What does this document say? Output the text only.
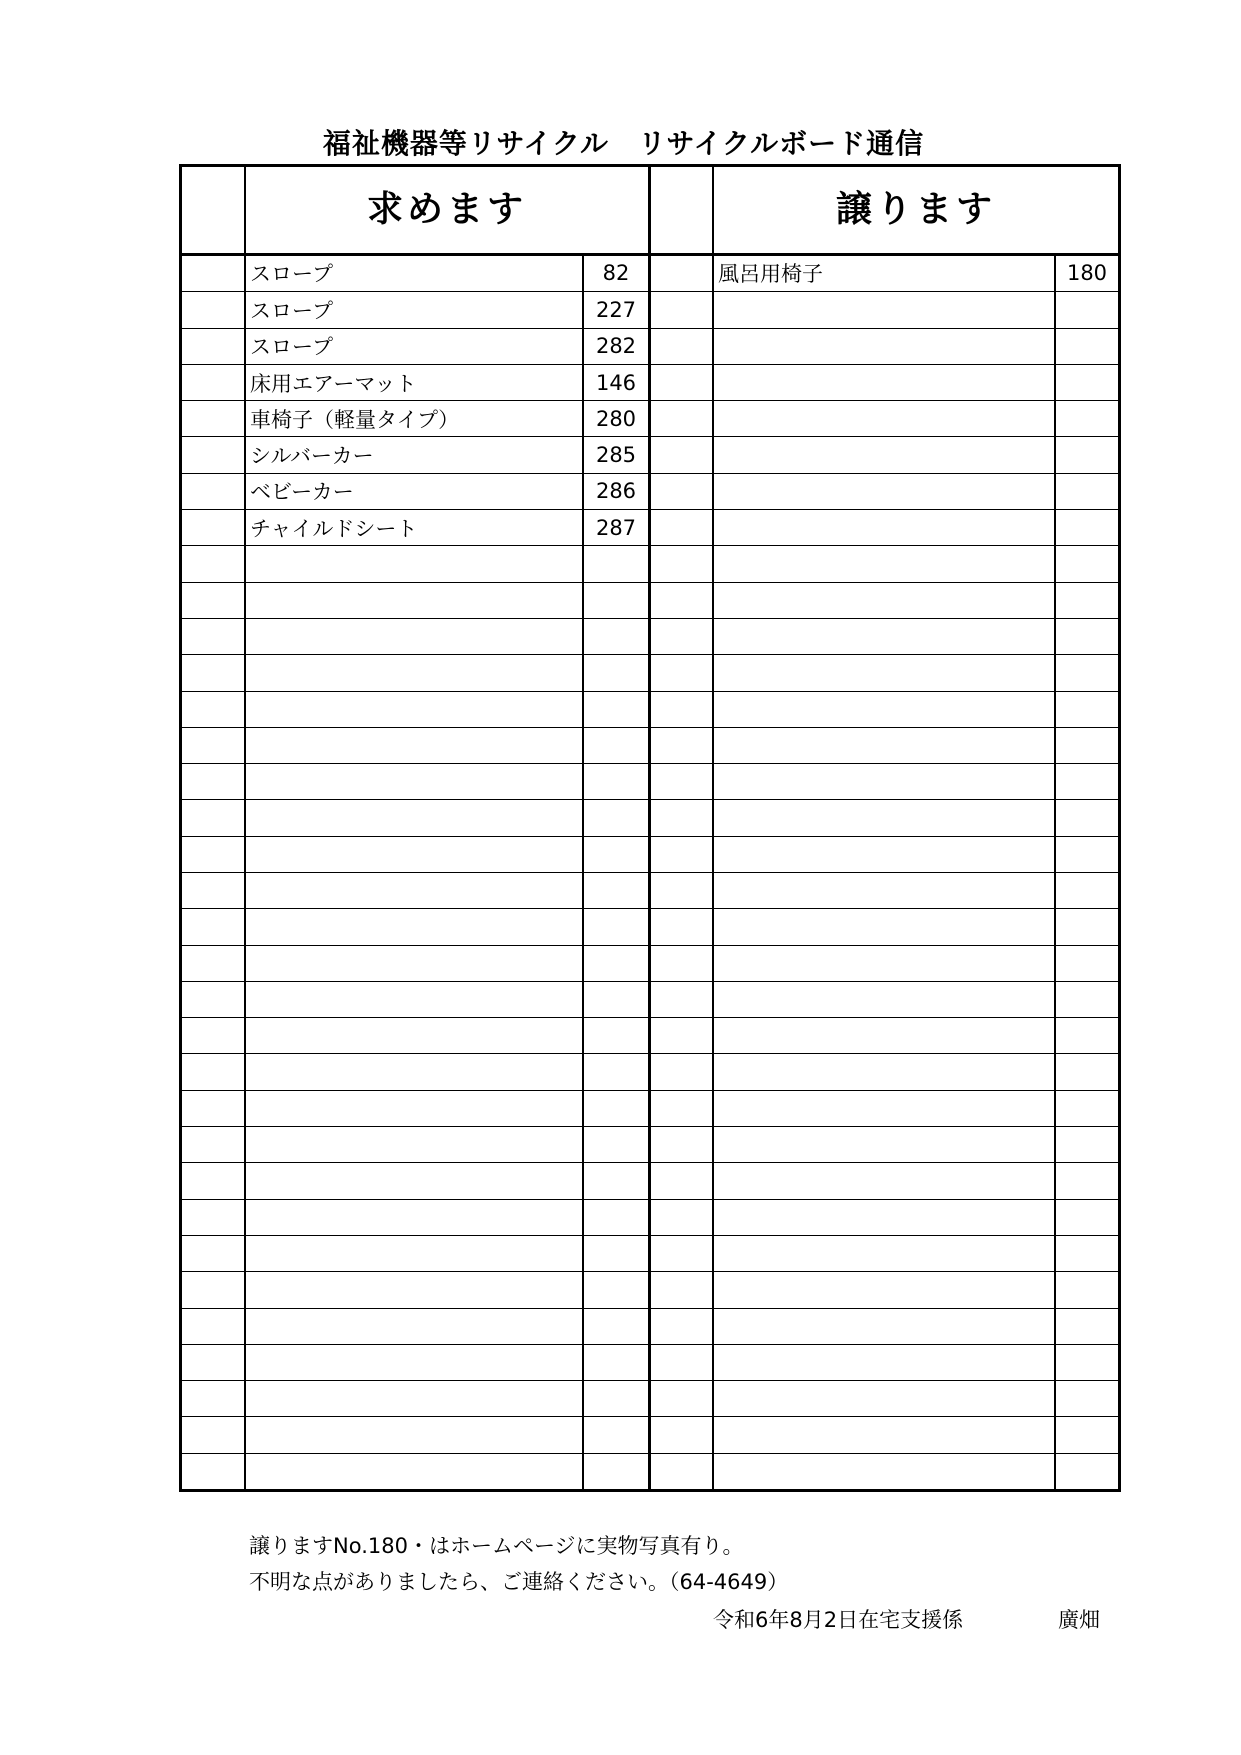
福祉機器等リサイクル　リサイクルボード通信
求めます	譲ります
スロープ	82	風呂用椅子	180
スロープ	227
スロープ	282
床用エアーマット	146
車椅子（軽量タイプ）	280
シルバーカー	285
ベビーカー	286
チャイルドシート	287
譲りますNo.180・はホームページに実物写真有り。
不明な点がありましたら、ご連絡ください。（64-4649）
令和6年8月2日在宅支援係	廣畑
